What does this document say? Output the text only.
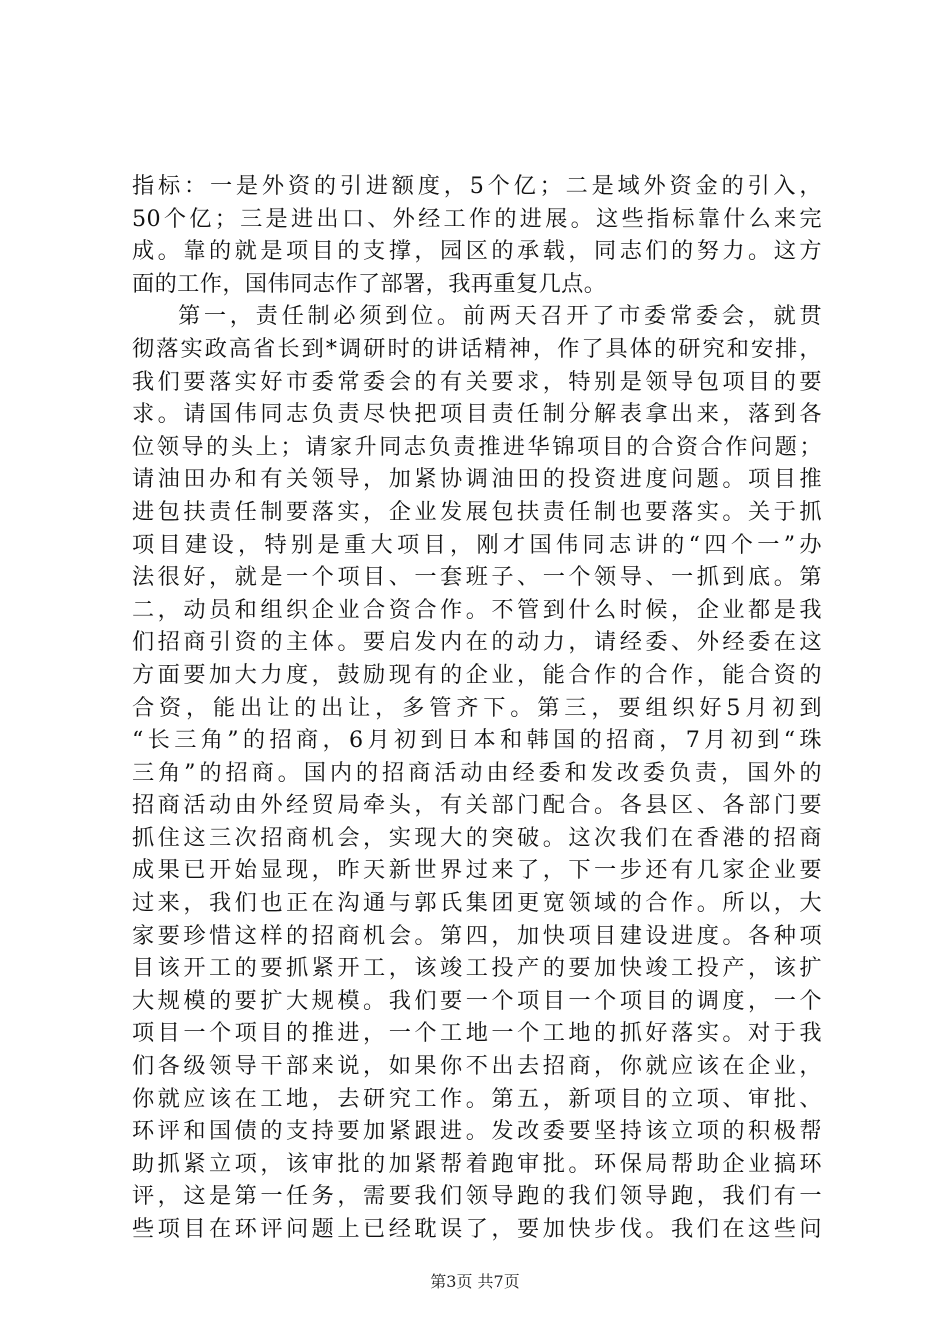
指标：一是外资的引进额度，5个亿；二是域外资金的引入，
50个亿；三是进出口、外经工作的进展。这些指标靠什么来完
成。靠的就是项目的支撑，园区的承载，同志们的努力。这方
面的工作，国伟同志作了部署，我再重复几点。
第一，责任制必须到位。前两天召开了市委常委会，就贯
彻落实政高省长到*调研时的讲话精神，作了具体的研究和安排，
我们要落实好市委常委会的有关要求，特别是领导包项目的要
求。请国伟同志负责尽快把项目责任制分解表拿出来，落到各
位领导的头上；请家升同志负责推进华锦项目的合资合作问题；
请油田办和有关领导，加紧协调油田的投资进度问题。项目推
进包扶责任制要落实，企业发展包扶责任制也要落实。关于抓
项目建设，特别是重大项目，刚才国伟同志讲的“四个一”办
法很好，就是一个项目、一套班子、一个领导、一抓到底。第
二，动员和组织企业合资合作。不管到什么时候，企业都是我
们招商引资的主体。要启发内在的动力，请经委、外经委在这
方面要加大力度，鼓励现有的企业，能合作的合作，能合资的
合资，能出让的出让，多管齐下。第三，要组织好5月初到
“长三角”的招商，6月初到日本和韩国的招商，7月初到“珠
三角”的招商。国内的招商活动由经委和发改委负责，国外的
招商活动由外经贸局牵头，有关部门配合。各县区、各部门要
抓住这三次招商机会，实现大的突破。这次我们在香港的招商
成果已开始显现，昨天新世界过来了，下一步还有几家企业要
过来，我们也正在沟通与郭氏集团更宽领域的合作。所以，大
家要珍惜这样的招商机会。第四，加快项目建设进度。各种项
目该开工的要抓紧开工，该竣工投产的要加快竣工投产，该扩
大规模的要扩大规模。我们要一个项目一个项目的调度，一个
项目一个项目的推进，一个工地一个工地的抓好落实。对于我
们各级领导干部来说，如果你不出去招商，你就应该在企业，
你就应该在工地，去研究工作。第五，新项目的立项、审批、
环评和国债的支持要加紧跟进。发改委要坚持该立项的积极帮
助抓紧立项，该审批的加紧帮着跑审批。环保局帮助企业搞环
评，这是第一任务，需要我们领导跑的我们领导跑，我们有一
些项目在环评问题上已经耽误了，要加快步伐。我们在这些问
第3页 共7页
